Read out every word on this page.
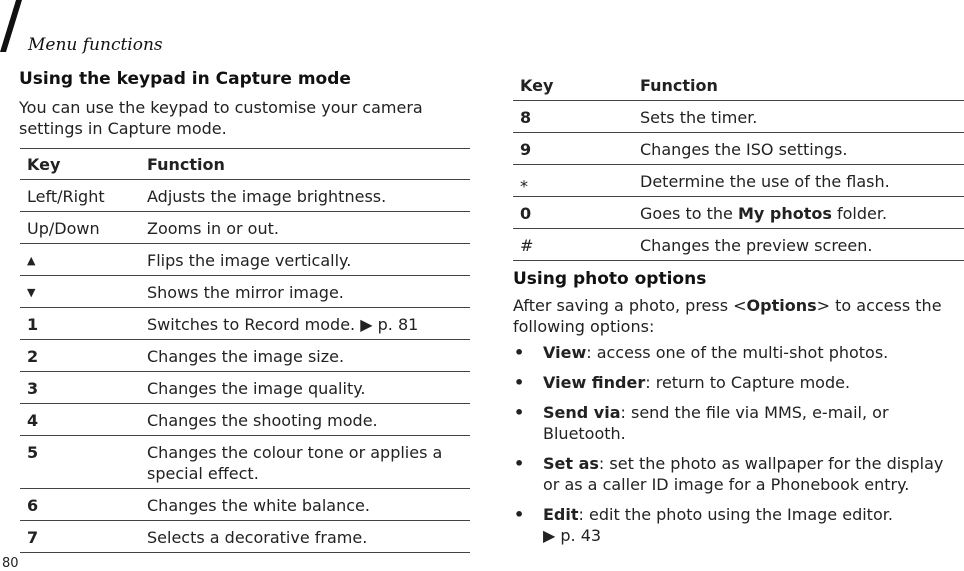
Menu functions
Using the keypad in Capture mode
You can use the keypad to customise your camera
settings in Capture mode.
Key	Function
Left/Right	Adjusts the image brightness.
Up/Down	Zooms in or out.
▲	Flips the image vertically.
▼	Shows the mirror image.
1	Switches to Record mode. ▶ p. 81
2	Changes the image size.
3	Changes the image quality.
4	Changes the shooting mode.
5	Changes the colour tone or applies a
special effect.
6	Changes the white balance.
7	Selects a decorative frame.
Key	Function
8	Sets the timer.
9	Changes the ISO settings.
⁎	Determine the use of the flash.
0	Goes to the My photos folder.
#	Changes the preview screen.
Using photo options
After saving a photo, press <Options> to access the
following options:
• View: access one of the multi-shot photos.
• View finder: return to Capture mode.
• Send via: send the file via MMS, e-mail, or
Bluetooth.
• Set as: set the photo as wallpaper for the display
or as a caller ID image for a Phonebook entry.
• Edit: edit the photo using the Image editor.
▶ p. 43
80
